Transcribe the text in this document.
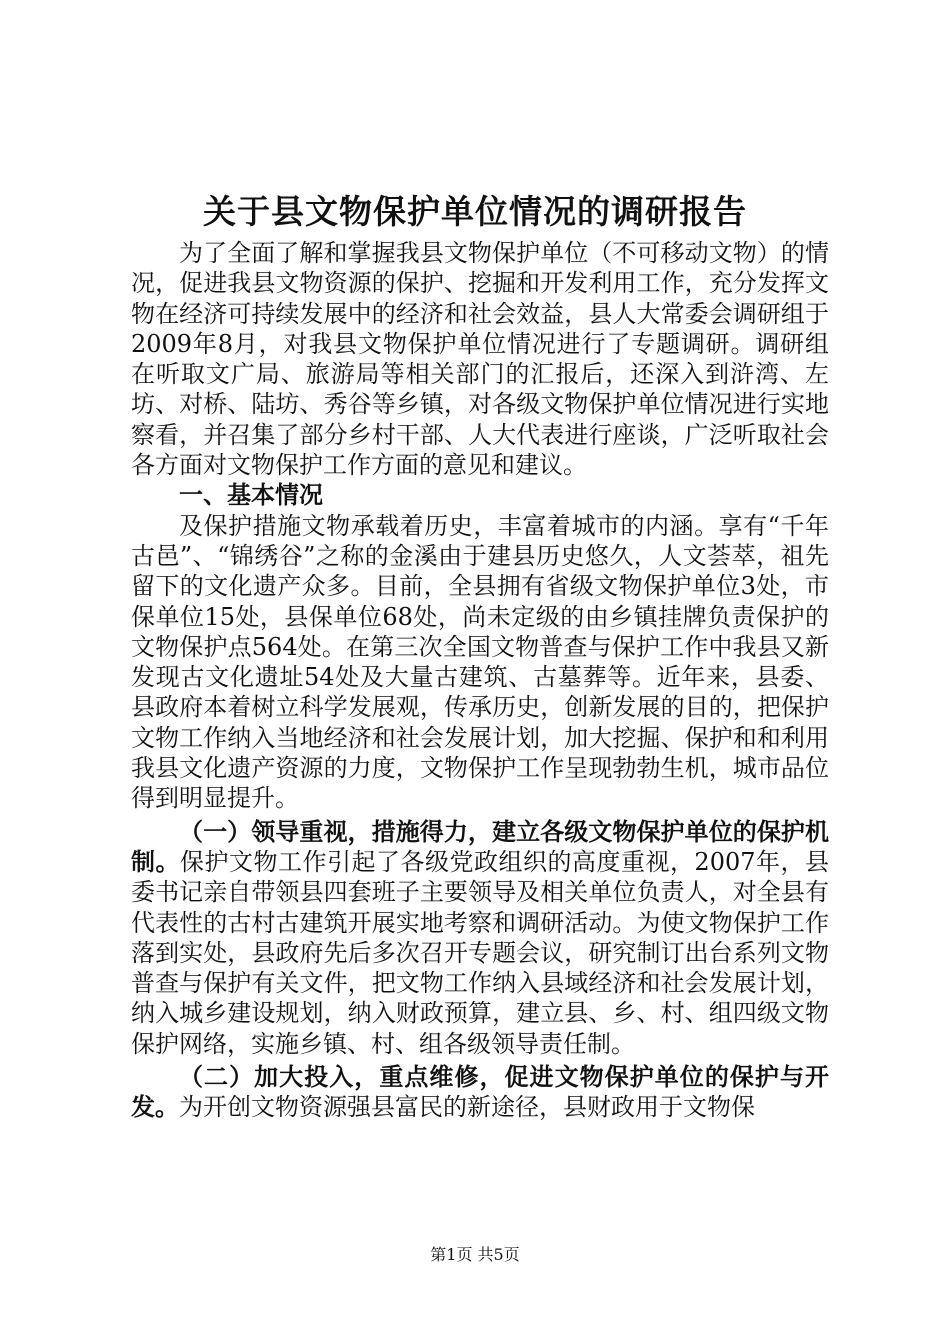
关于县文物保护单位情况的调研报告

为了全面了解和掌握我县文物保护单位（不可移动文物）的情况，促进我县文物资源的保护、挖掘和开发利用工作，充分发挥文物在经济可持续发展中的经济和社会效益，县人大常委会调研组于2009年8月，对我县文物保护单位情况进行了专题调研。调研组在听取文广局、旅游局等相关部门的汇报后，还深入到浒湾、左坊、对桥、陆坊、秀谷等乡镇，对各级文物保护单位情况进行实地察看，并召集了部分乡村干部、人大代表进行座谈，广泛听取社会各方面对文物保护工作方面的意见和建议。

一、基本情况

及保护措施文物承载着历史，丰富着城市的内涵。享有“千年古邑”、“锦绣谷”之称的金溪由于建县历史悠久，人文荟萃，祖先留下的文化遗产众多。目前，全县拥有省级文物保护单位3处，市保单位15处，县保单位68处，尚未定级的由乡镇挂牌负责保护的文物保护点564处。在第三次全国文物普查与保护工作中我县又新发现古文化遗址54处及大量古建筑、古墓葬等。近年来，县委、县政府本着树立科学发展观，传承历史，创新发展的目的，把保护文物工作纳入当地经济和社会发展计划，加大挖掘、保护和和利用我县文化遗产资源的力度，文物保护工作呈现勃勃生机，城市品位得到明显提升。

（一）领导重视，措施得力，建立各级文物保护单位的保护机制。保护文物工作引起了各级党政组织的高度重视，2007年，县委书记亲自带领县四套班子主要领导及相关单位负责人，对全县有代表性的古村古建筑开展实地考察和调研活动。为使文物保护工作落到实处，县政府先后多次召开专题会议，研究制订出台系列文物普查与保护有关文件，把文物工作纳入县域经济和社会发展计划，纳入城乡建设规划，纳入财政预算，建立县、乡、村、组四级文物保护网络，实施乡镇、村、组各级领导责任制。

（二）加大投入，重点维修，促进文物保护单位的保护与开发。为开创文物资源强县富民的新途径，县财政用于文物保

第1页 共5页
